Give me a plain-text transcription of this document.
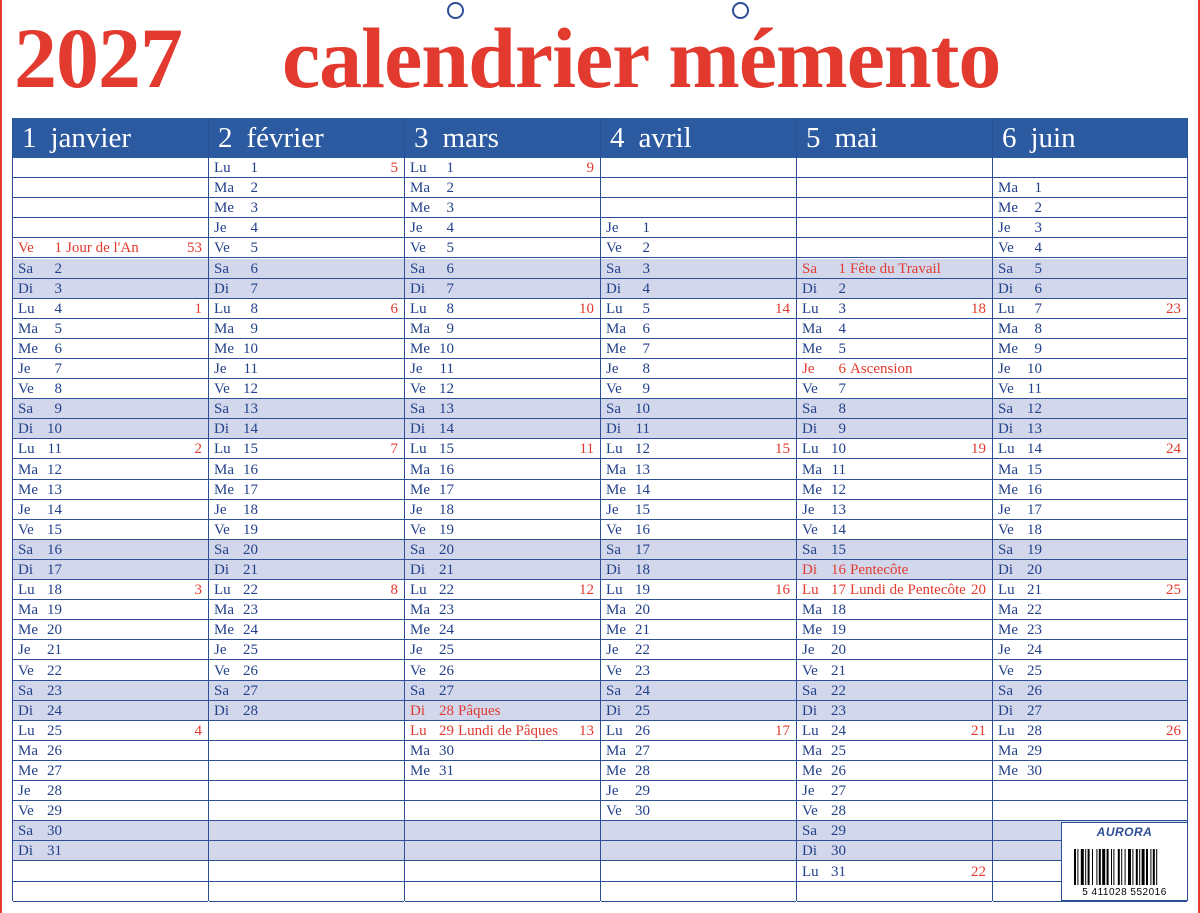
2027 calendrier mémento
1 janvier
Ve	1 Jour de l'An	53
Sa	2
Di	3
Lu	4	1
Ma	5
Me	6
Je	7
Ve	8
Sa	9
Di 10
Lu 11	2
Ma 12
Me 13
Je 14
Ve 15
Sa 16
Di 17
Lu 18	3
Ma 19
Me 20
Je 21
Ve 22
Sa 23
Di 24
Lu 25	4
Ma 26
Me 27
Je 28
Ve 29
Sa 30
Di 31
2 février
Lu	1	5
Ma	2
Me	3
Je	4
Ve	5
Sa	6
Di	7
Lu	8	6
Ma	9
Me 10
Je 11
Ve 12
Sa 13
Di 14
Lu 15	7
Ma 16
Me 17
Je 18
Ve 19
Sa 20
Di 21
Lu 22	8
Ma 23
Me 24
Je 25
Ve 26
Sa 27
Di 28
3 mars
Lu	1	9
Ma	2
Me	3
Je	4
Ve	5
Sa	6
Di	7
Lu	8	10
Ma	9
Me 10
Je 11
Ve 12
Sa 13
Di 14
Lu 15	11
Ma 16
Me 17
Je 18
Ve 19
Sa 20
Di 21
Lu 22	12
Ma 23
Me 24
Je 25
Ve 26
Sa 27
Di 28 Pâques
Lu 29 Lundi de Pâques 13
Ma 30
Me 31
4 avril
Je	1
Ve	2
Sa	3
Di	4
Lu	5	14
Ma	6
Me	7
Je	8
Ve	9
Sa 10
Di 11
Lu 12	15
Ma 13
Me 14
Je 15
Ve 16
Sa 17
Di 18
Lu 19	16
Ma 20
Me 21
Je 22
Ve 23
Sa 24
Di 25
Lu 26	17
Ma 27
Me 28
Je 29
Ve 30
5 mai
Sa	1 Fête du Travail
Di	2
Lu	3	18
Ma	4
Me	5
Je	6 Ascension
Ve	7
Sa	8
Di	9
Lu 10	19
Ma 11
Me 12
Je 13
Ve 14
Sa 15
Di 16 Pentecôte
Lu 17 Lundi de Pentecôte 20
Ma 18
Me 19
Je 20
Ve 21
Sa 22
Di 23
Lu 24	21
Ma 25
Me 26
Je 27
Ve 28
Sa 29
Di 30
Lu 31	22
6 juin
Ma	1
Me	2
Je	3
Ve	4
Sa	5
Di	6
Lu	7	23
Ma	8
Me	9
Je 10
Ve 11
Sa 12
Di 13
Lu 14	24
Ma 15
Me 16
Je 17
Ve 18
Sa 19
Di 20
Lu 21	25
Ma 22
Me 23
Je 24
Ve 25
Sa 26
Di 27
Lu 28	26
Ma 29
Me 30
AURORA
5 411028 552016
